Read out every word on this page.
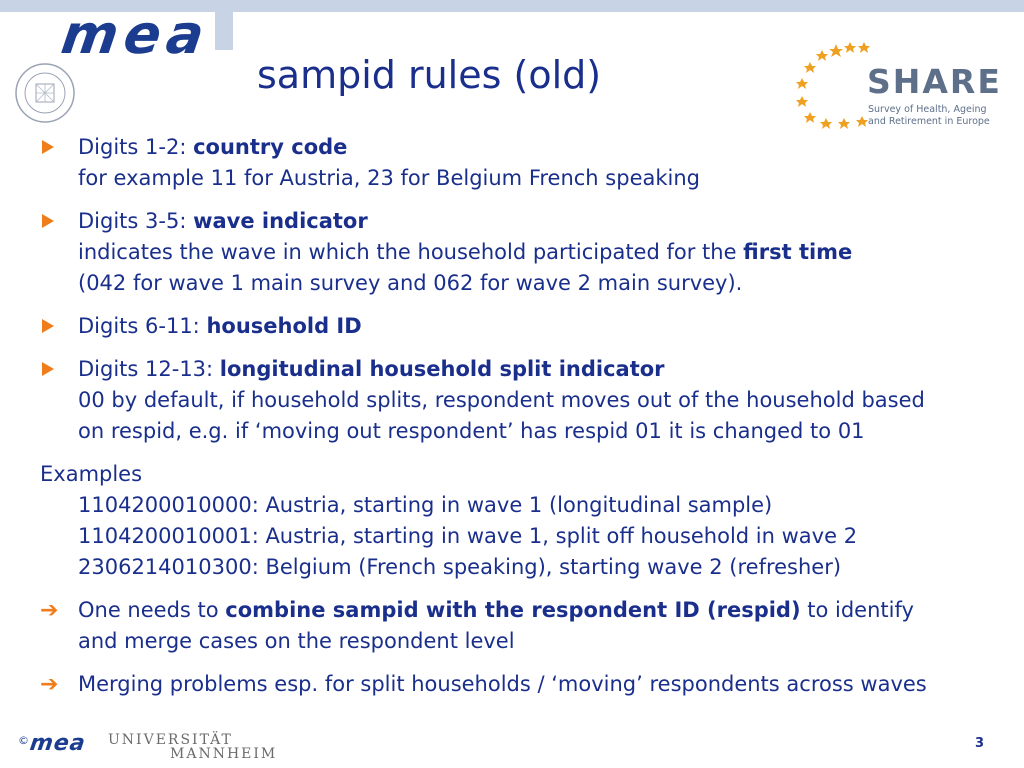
mea
sampid rules (old)	SHARE
Survey of Health, Ageing
and Retirement in Europe
Digits 1-2: country code
for example 11 for Austria, 23 for Belgium French speaking
Digits 3-5: wave indicator
indicates the wave in which the household participated for the first time
(042 for wave 1 main survey and 062 for wave 2 main survey).
Digits 6-11: household ID
Digits 12-13: longitudinal household split indicator
00 by default, if household splits, respondent moves out of the household based
on respid, e.g. if ‘moving out respondent’ has respid 01 it is changed to 01
Examples
1104200010000: Austria, starting in wave 1 (longitudinal sample)
1104200010001: Austria, starting in wave 1, split off household in wave 2
2306214010300: Belgium (French speaking), starting wave 2 (refresher)
➔ One needs to combine sampid with the respondent ID (respid) to identify
and merge cases on the respondent level
➔ Merging problems esp. for split households / ‘moving’ respondents across waves
© mea UNIVERSITÄT
MANNHEIM
3
